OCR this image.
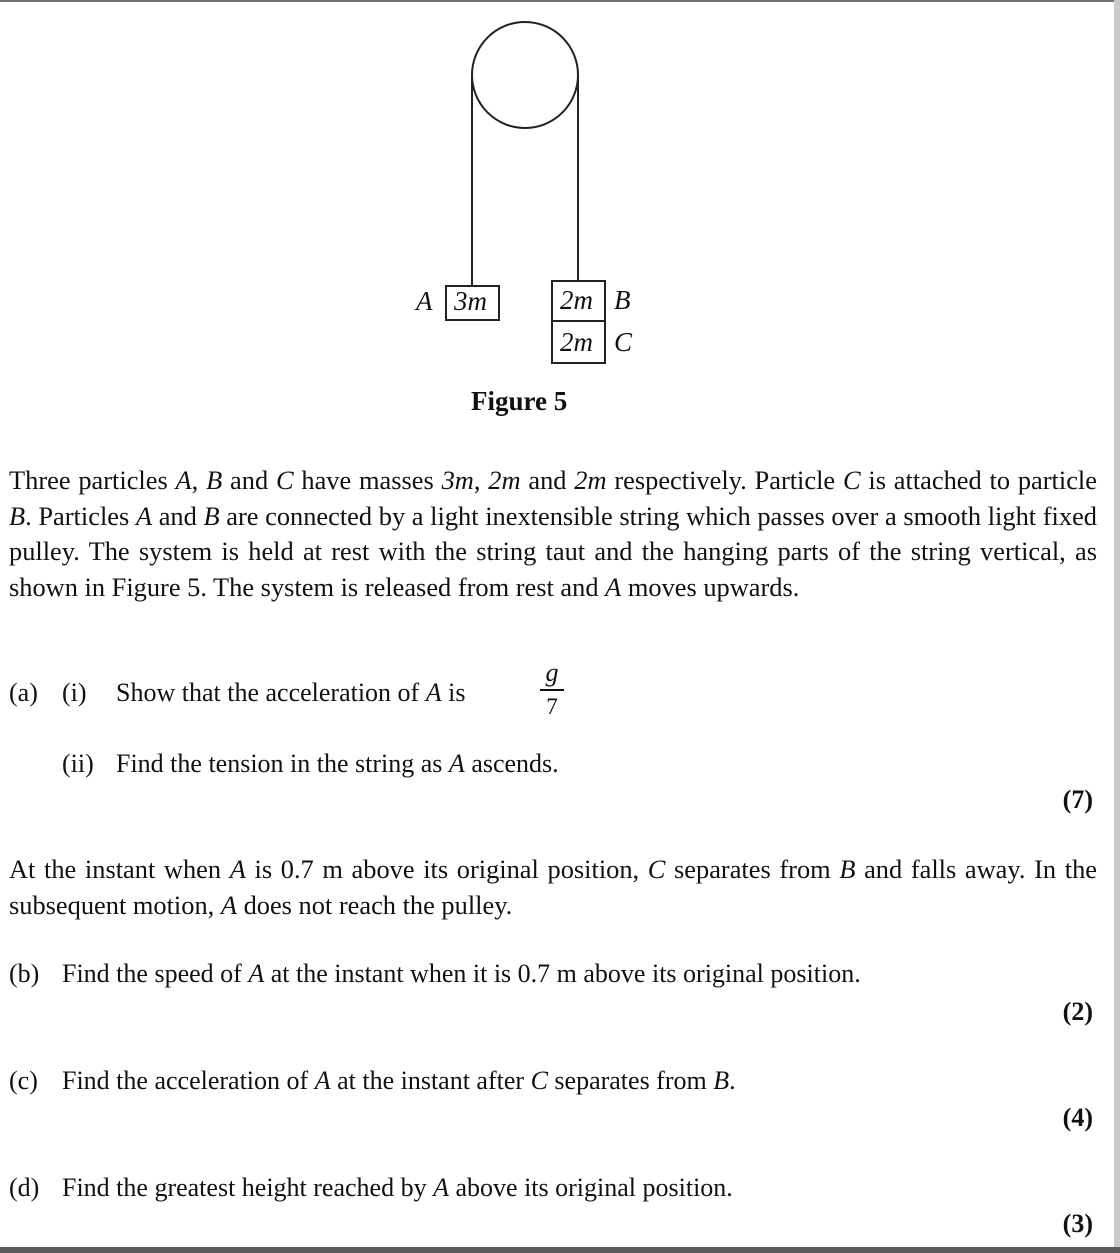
A 3m	2m B
2m C
Figure 5
Three particles A, B and C have masses 3m, 2m and 2m respectively. Particle C is attached to particle B. Particles A and B are connected by a light inextensible string which passes over a smooth light fixed pulley. The system is held at rest with the string taut and the hanging parts of the string vertical, as shown in Figure 5. The system is released from rest and A moves upwards.
(a) (i) Show that the acceleration of A is
g
7
(ii) Find the tension in the string as A ascends.
(7)
At the instant when A is 0.7 m above its original position, C separates from B and falls away. In the subsequent motion, A does not reach the pulley.
(b) Find the speed of A at the instant when it is 0.7 m above its original position.
(2)
(c) Find the acceleration of A at the instant after C separates from B.
(4)
(d) Find the greatest height reached by A above its original position.
(3)
